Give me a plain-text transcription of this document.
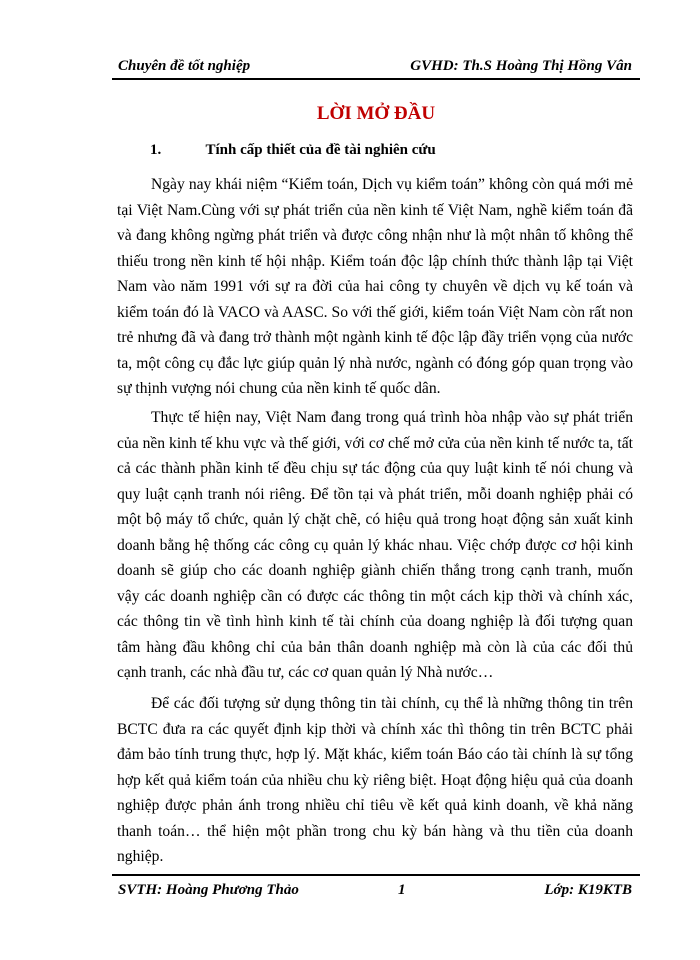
Chuyên đề tốt nghiệp	GVHD: Th.S Hoàng Thị Hồng Vân
LỜI MỞ ĐẦU
1.	Tính cấp thiết của đề tài nghiên cứu

Ngày nay khái niệm “Kiểm toán, Dịch vụ kiểm toán” không còn quá mới mẻ tại Việt Nam.Cùng với sự phát triển của nền kinh tế Việt Nam, nghề kiểm toán đã và đang không ngừng phát triển và được công nhận như là một nhân tố không thể thiếu trong nền kinh tế hội nhập. Kiểm toán độc lập chính thức thành lập tại Việt Nam vào năm 1991 với sự ra đời của hai công ty chuyên về dịch vụ kế toán và kiểm toán đó là VACO và AASC. So với thế giới, kiểm toán Việt Nam còn rất non trẻ nhưng đã và đang trở thành một ngành kinh tế độc lập đầy triển vọng của nước ta, một công cụ đắc lực giúp quản lý nhà nước, ngành có đóng góp quan trọng vào sự thịnh vượng nói chung của nền kinh tế quốc dân.

Thực tế hiện nay, Việt Nam đang trong quá trình hòa nhập vào sự phát triển của nền kinh tế khu vực và thế giới, với cơ chế mở cửa của nền kinh tế nước ta, tất cả các thành phần kinh tế đều chịu sự tác động của quy luật kinh tế nói chung và quy luật cạnh tranh nói riêng. Để tồn tại và phát triển, mỗi doanh nghiệp phải có một bộ máy tổ chức, quản lý chặt chẽ, có hiệu quả trong hoạt động sản xuất kinh doanh bằng hệ thống các công cụ quản lý khác nhau. Việc chớp được cơ hội kinh doanh sẽ giúp cho các doanh nghiệp giành chiến thắng trong cạnh tranh, muốn vậy các doanh nghiệp cần có được các thông tin một cách kịp thời và chính xác, các thông tin về tình hình kinh tế tài chính của doang nghiệp là đối tượng quan tâm hàng đầu không chỉ của bản thân doanh nghiệp mà còn là của các đối thủ cạnh tranh, các nhà đầu tư, các cơ quan quản lý Nhà nước…

Để các đối tượng sử dụng thông tin tài chính, cụ thể là những thông tin trên BCTC đưa ra các quyết định kịp thời và chính xác thì thông tin trên BCTC phải đảm bảo tính trung thực, hợp lý. Mặt khác, kiểm toán Báo cáo tài chính là sự tổng hợp kết quả kiểm toán của nhiều chu kỳ riêng biệt. Hoạt động hiệu quả của doanh nghiệp được phản ánh trong nhiều chỉ tiêu về kết quả kinh doanh, về khả năng thanh toán… thể hiện một phần trong chu kỳ bán hàng và thu tiền của doanh nghiệp.

SVTH: Hoàng Phương Thảo	1	Lớp: K19KTB
